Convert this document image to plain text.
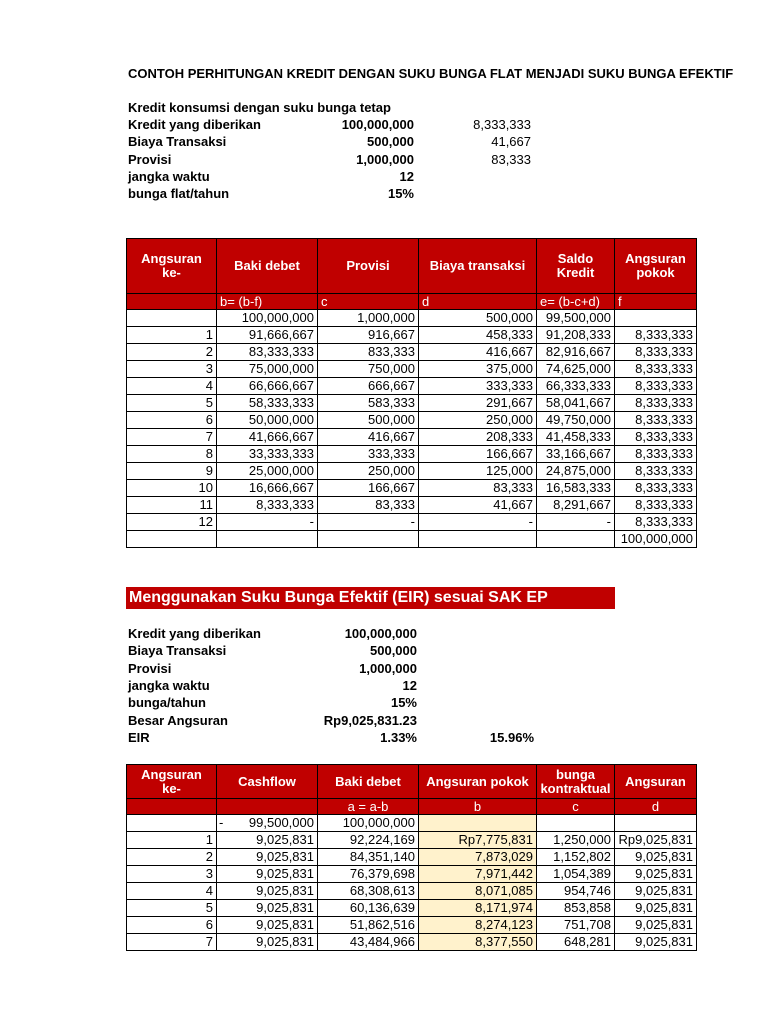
CONTOH PERHITUNGAN KREDIT DENGAN SUKU BUNGA FLAT MENJADI SUKU BUNGA EFEKTIF
Kredit konsumsi dengan suku bunga tetap
Kredit yang diberikan	100,000,000	8,333,333
Biaya Transaksi	500,000	41,667
Provisi	1,000,000	83,333
jangka waktu	12
bunga flat/tahun	15%
Angsuran ke-	Baki debet	Provisi	Biaya transaksi	Saldo Kredit	Angsuran pokok
	b= (b-f)	c	d	e= (b-c+d)	f
	100,000,000	1,000,000	500,000	99,500,000	
1	91,666,667	916,667	458,333	91,208,333	8,333,333
2	83,333,333	833,333	416,667	82,916,667	8,333,333
3	75,000,000	750,000	375,000	74,625,000	8,333,333
4	66,666,667	666,667	333,333	66,333,333	8,333,333
5	58,333,333	583,333	291,667	58,041,667	8,333,333
6	50,000,000	500,000	250,000	49,750,000	8,333,333
7	41,666,667	416,667	208,333	41,458,333	8,333,333
8	33,333,333	333,333	166,667	33,166,667	8,333,333
9	25,000,000	250,000	125,000	24,875,000	8,333,333
10	16,666,667	166,667	83,333	16,583,333	8,333,333
11	8,333,333	83,333	41,667	8,291,667	8,333,333
12	-	-	-	-	8,333,333
					100,000,000
Menggunakan Suku Bunga Efektif (EIR) sesuai SAK EP
Kredit yang diberikan	100,000,000
Biaya Transaksi	500,000
Provisi	1,000,000
jangka waktu	12
bunga/tahun	15%
Besar Angsuran	Rp9,025,831.23
EIR	1.33%	15.96%
Angsuran ke-	Cashflow	Baki debet	Angsuran pokok	bunga kontraktual	Angsuran
		a = a-b	b	c	d

	- 99,500,000	100,000,000			
1	9,025,831	92,224,169	Rp7,775,831	1,250,000	Rp9,025,831
2	9,025,831	84,351,140	7,873,029	1,152,802	9,025,831
3	9,025,831	76,379,698	7,971,442	1,054,389	9,025,831
4	9,025,831	68,308,613	8,071,085	954,746	9,025,831
5	9,025,831	60,136,639	8,171,974	853,858	9,025,831
6	9,025,831	51,862,516	8,274,123	751,708	9,025,831
7	9,025,831	43,484,966	8,377,550	648,281	9,025,831
